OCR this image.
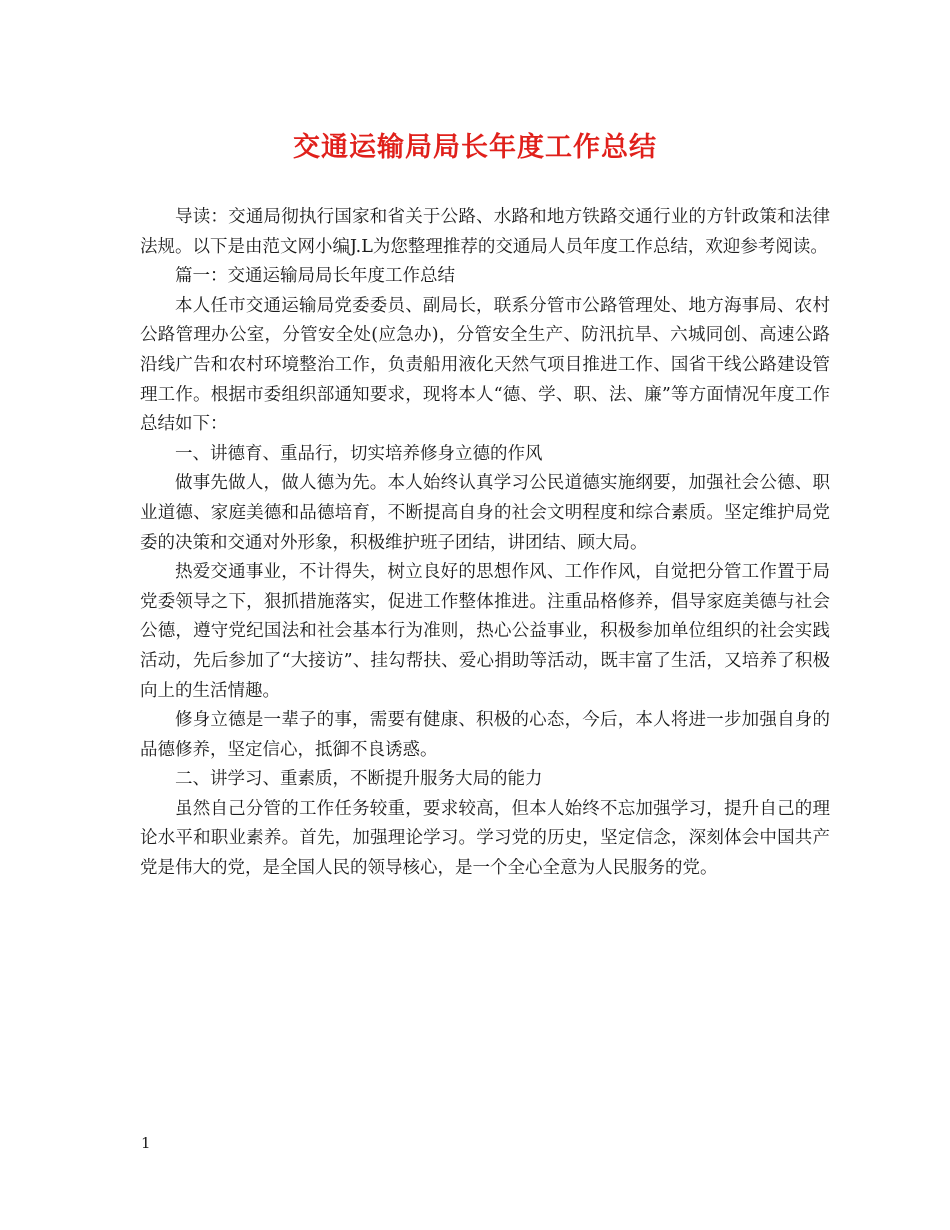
交通运输局局长年度工作总结

导读：交通局彻执行国家和省关于公路、水路和地方铁路交通行业的方针政策和法律法规。以下是由范文网小编J.L为您整理推荐的交通局人员年度工作总结，欢迎参考阅读。

篇一：交通运输局局长年度工作总结

本人任市交通运输局党委委员、副局长，联系分管市公路管理处、地方海事局、农村公路管理办公室，分管安全处(应急办)，分管安全生产、防汛抗旱、六城同创、高速公路沿线广告和农村环境整治工作，负责船用液化天然气项目推进工作、国省干线公路建设管理工作。根据市委组织部通知要求，现将本人“德、学、职、法、廉”等方面情况年度工作总结如下：

一、讲德育、重品行，切实培养修身立德的作风

做事先做人，做人德为先。本人始终认真学习公民道德实施纲要，加强社会公德、职业道德、家庭美德和品德培育，不断提高自身的社会文明程度和综合素质。坚定维护局党委的决策和交通对外形象，积极维护班子团结，讲团结、顾大局。

热爱交通事业，不计得失，树立良好的思想作风、工作作风，自觉把分管工作置于局党委领导之下，狠抓措施落实，促进工作整体推进。注重品格修养，倡导家庭美德与社会公德，遵守党纪国法和社会基本行为准则，热心公益事业，积极参加单位组织的社会实践活动，先后参加了“大接访”、挂勾帮扶、爱心捐助等活动，既丰富了生活，又培养了积极向上的生活情趣。

修身立德是一辈子的事，需要有健康、积极的心态，今后，本人将进一步加强自身的品德修养，坚定信心，抵御不良诱惑。

二、讲学习、重素质，不断提升服务大局的能力

虽然自己分管的工作任务较重，要求较高，但本人始终不忘加强学习，提升自己的理论水平和职业素养。首先，加强理论学习。学习党的历史，坚定信念，深刻体会中国共产党是伟大的党，是全国人民的领导核心，是一个全心全意为人民服务的党。

1
